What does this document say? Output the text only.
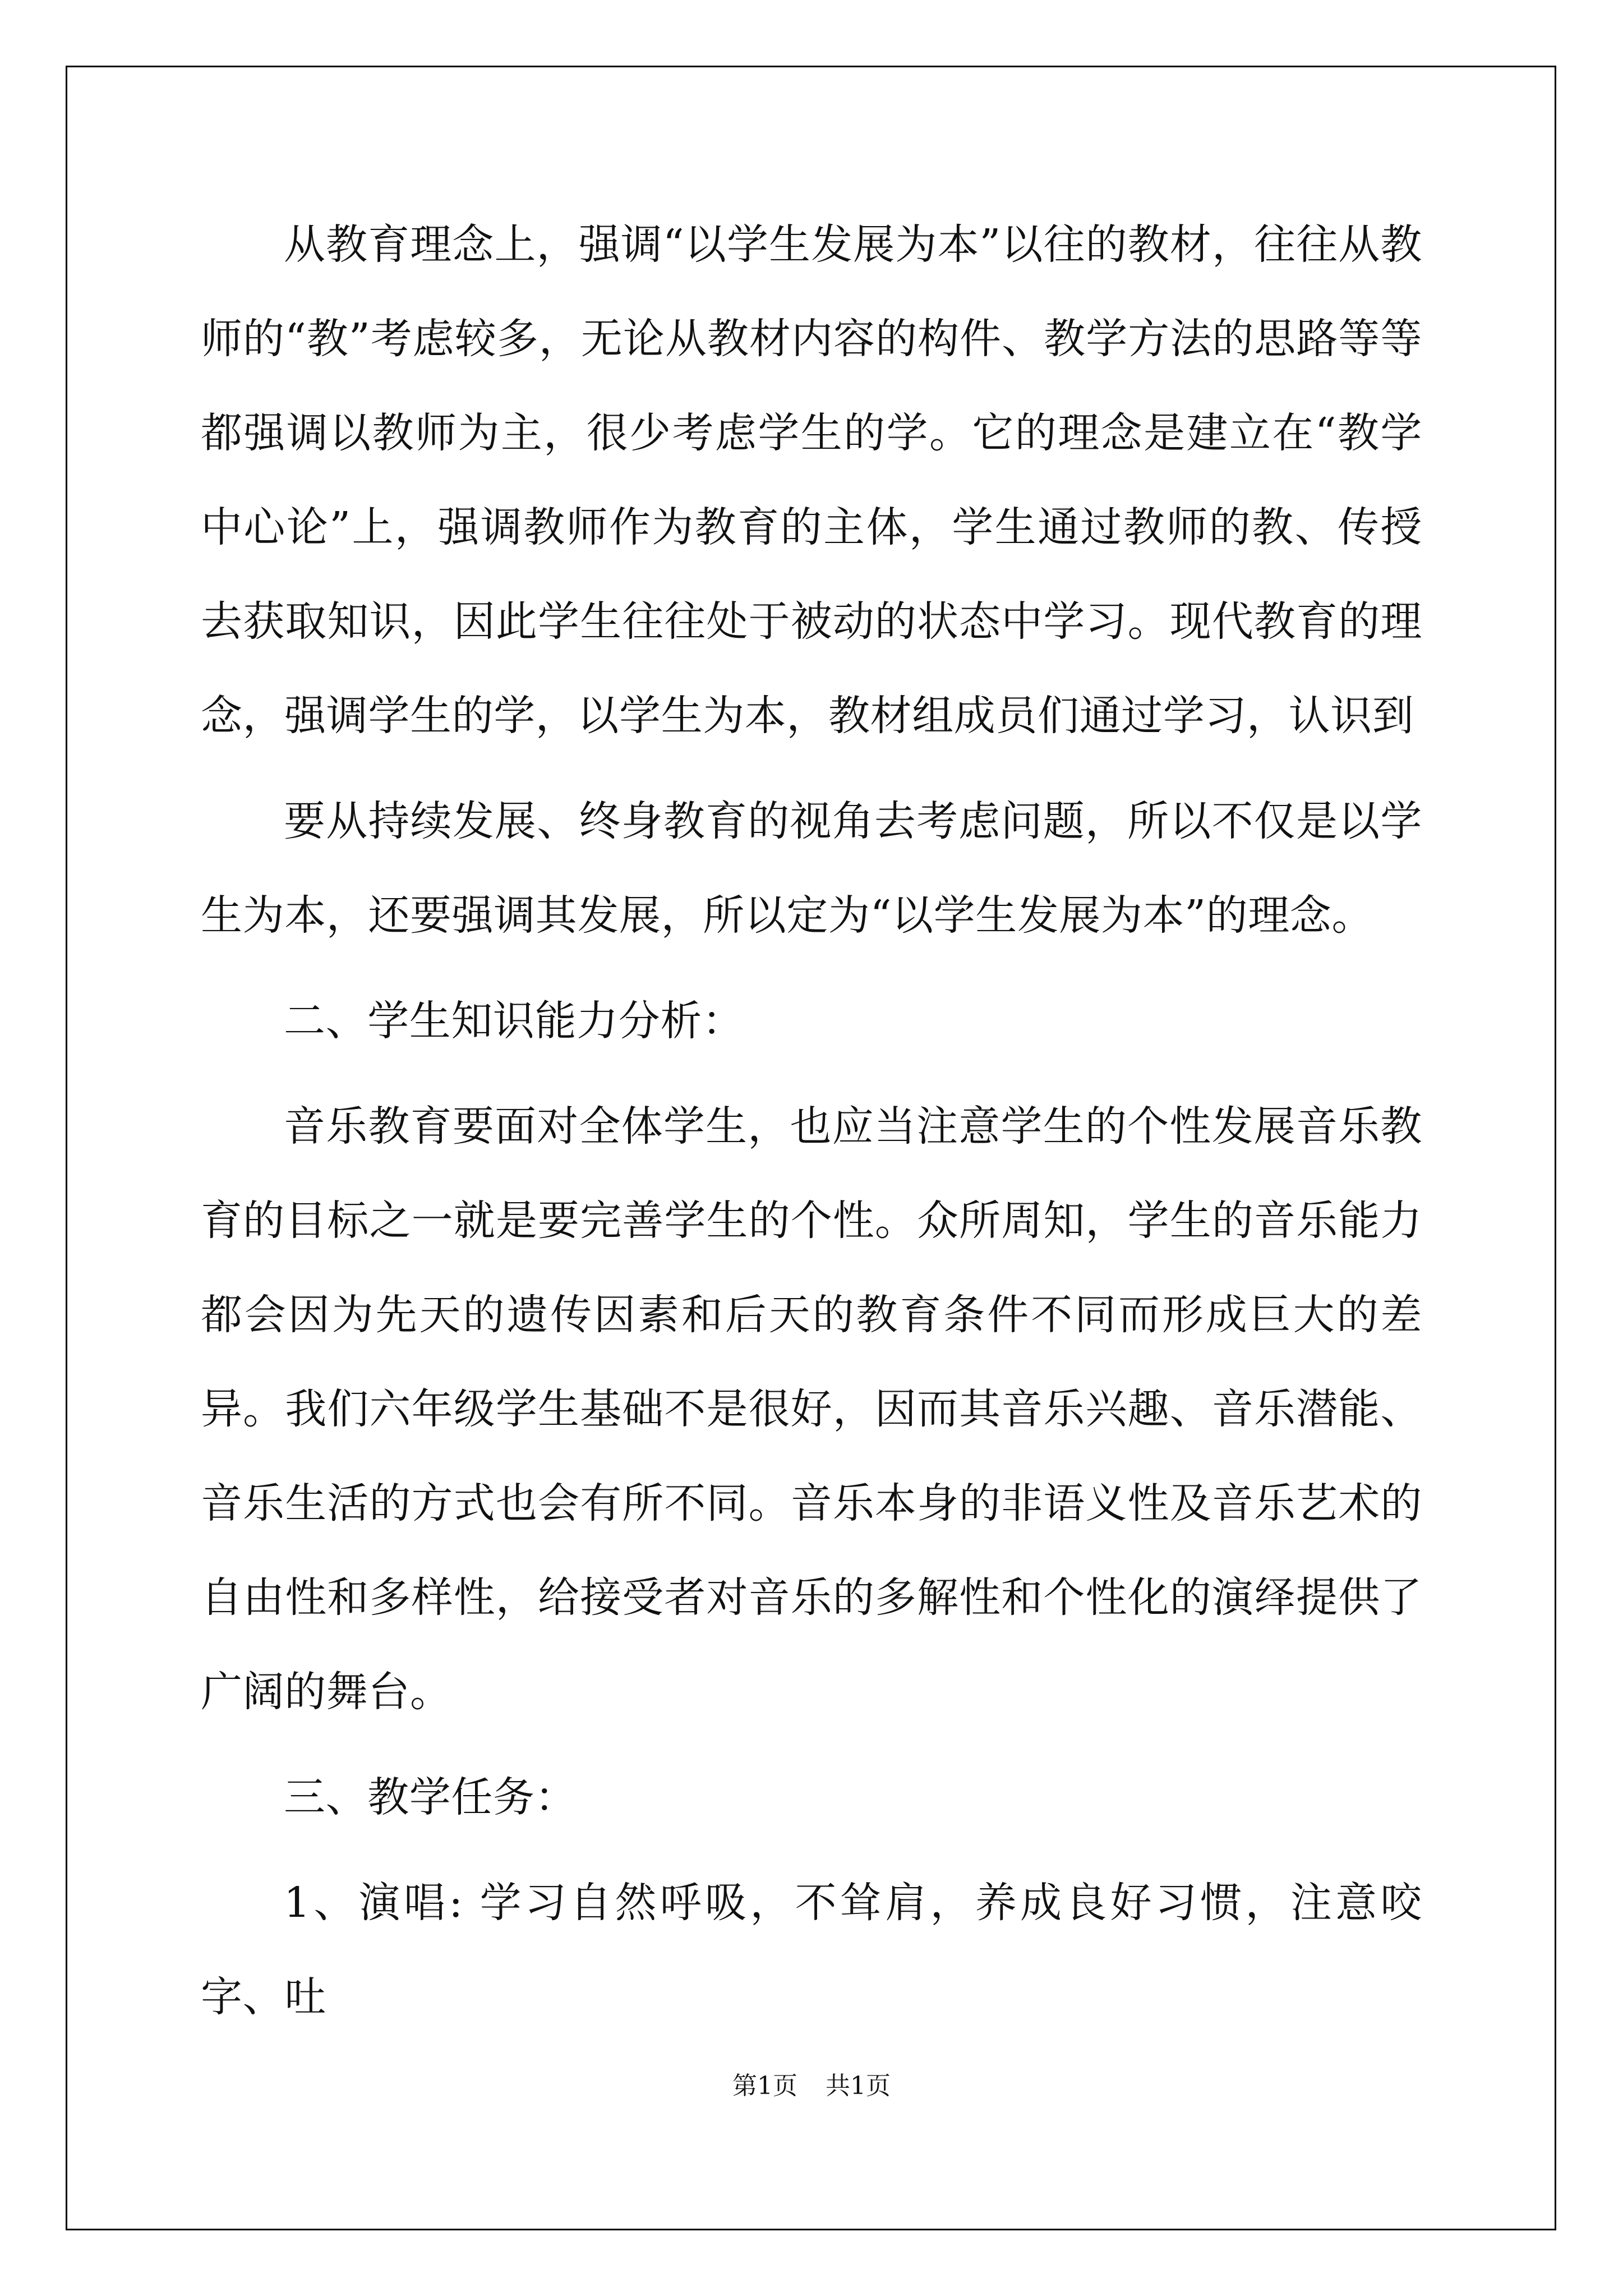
从教育理念上，强调“以学生发展为本”以往的教材，往往从教师的“教”考虑较多，无论从教材内容的构件、教学方法的思路等等都强调以教师为主，很少考虑学生的学。它的理念是建立在“教学中心论”上，强调教师作为教育的主体，学生通过教师的教、传授去获取知识，因此学生往往处于被动的状态中学习。现代教育的理念，强调学生的学，以学生为本，教材组成员们通过学习，认识到

要从持续发展、终身教育的视角去考虑问题，所以不仅是以学生为本，还要强调其发展，所以定为“以学生发展为本”的理念。

二、学生知识能力分析：

音乐教育要面对全体学生，也应当注意学生的个性发展音乐教育的目标之一就是要完善学生的个性。众所周知，学生的音乐能力都会因为先天的遗传因素和后天的教育条件不同而形成巨大的差异。我们六年级学生基础不是很好，因而其音乐兴趣、音乐潜能、音乐生活的方式也会有所不同。音乐本身的非语义性及音乐艺术的自由性和多样性，给接受者对音乐的多解性和个性化的演绎提供了广阔的舞台。

三、教学任务：

1、演唱: 学习自然呼吸，不耸肩，养成良好习惯，注意咬字、吐

第1页 共1页
